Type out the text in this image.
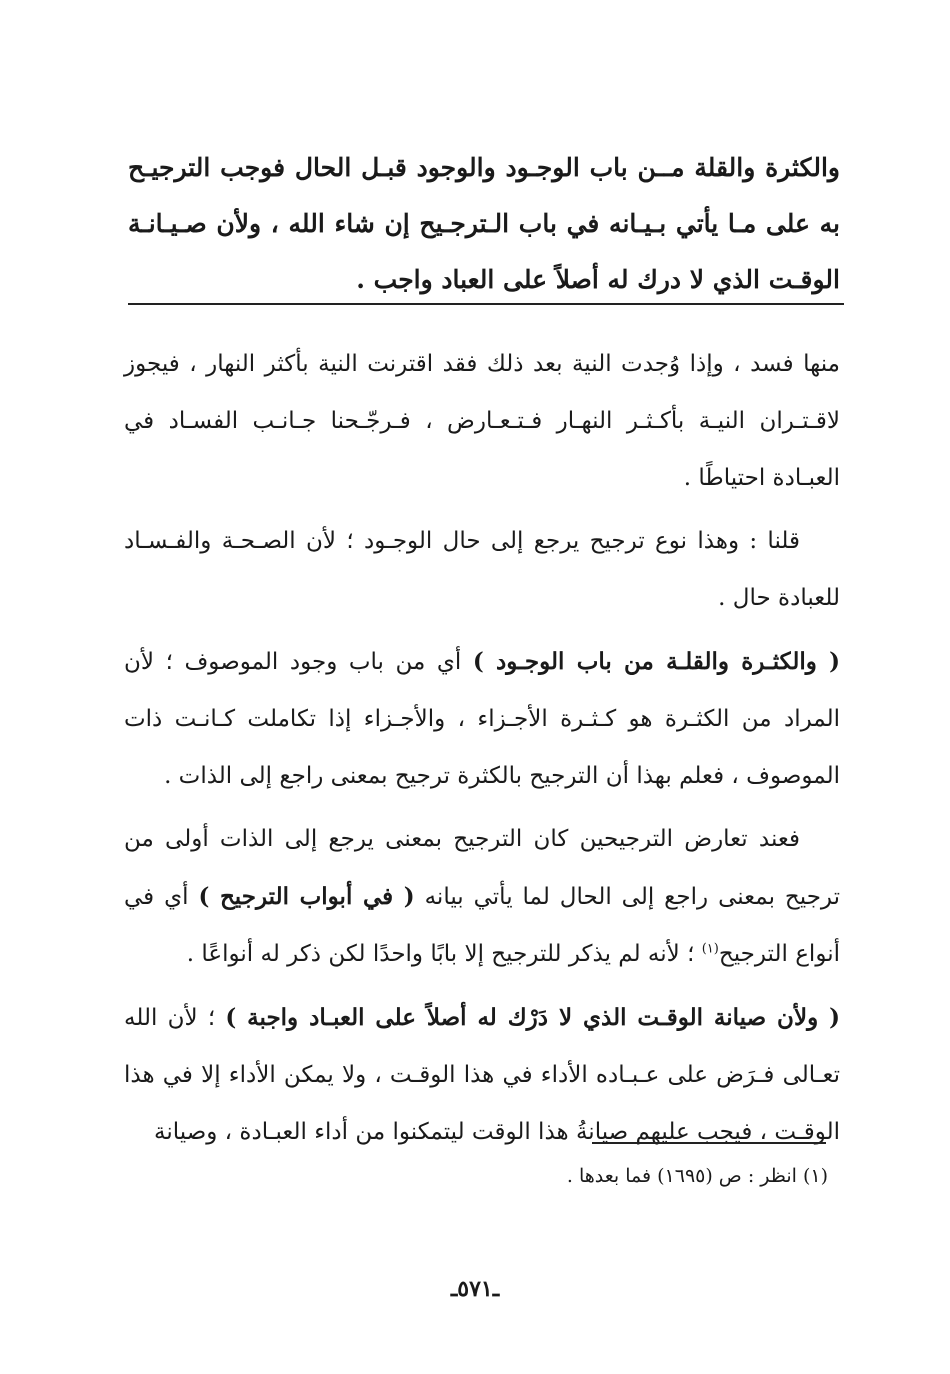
والكثرة والقلة مــن باب الوجـود والوجود قبـل الحال فوجب الترجيـح به على مـا يأتي بـيـانه في باب الـترجـيح إن شاء الله ، ولأن صـيـانـة الوقـت الذي لا درك له أصلاً على العباد واجب .

منها فسد ، وإذا وُجدت النية بعد ذلك فقد اقترنت النية بأكثر النهار ، فيجوز لاقـتـران النيـة بأكـثـر النهـار فـتـعـارض ، فـرجّـحنا جـانـب الفسـاد في العبـادة احتياطًا .

قلنا : وهذا نوع ترجيح يرجع إلى حال الوجـود ؛ لأن الصـحـة والفـسـاد للعبادة حال .

( والكثـرة والقلـة من باب الوجـود ) أي من باب وجود الموصوف ؛ لأن المراد من الكثـرة هو كـثـرة الأجـزاء ، والأجـزاء إذا تكاملت كـانـت ذات الموصوف ، فعلم بهذا أن الترجيح بالكثرة ترجيح بمعنى راجع إلى الذات .

فعند تعارض الترجيحين كان الترجيح بمعنى يرجع إلى الذات أولى من ترجيح بمعنى راجع إلى الحال لما يأتي بيانه ( في أبواب الترجيح ) أي في أنواع الترجيح$^{(١)}$ ؛ لأنه لم يذكر للترجيح إلا بابًا واحدًا لكن ذكر له أنواعًا .

( ولأن صيانة الوقـت الذي لا دَرْك له أصلاً على العبـاد واجبة ) ؛ لأن الله تعـالى فـرَض على عـبـاده الأداء في هذا الوقـت ، ولا يمكن الأداء إلا في هذا الوقـت ، فيجب عليهم صيانةُ هذا الوقت ليتمكنوا من أداء العبـادة ، وصيانة

(١) انظر : ص (١٦٩٥) فما بعدها .
ـ٥٧١ـ
